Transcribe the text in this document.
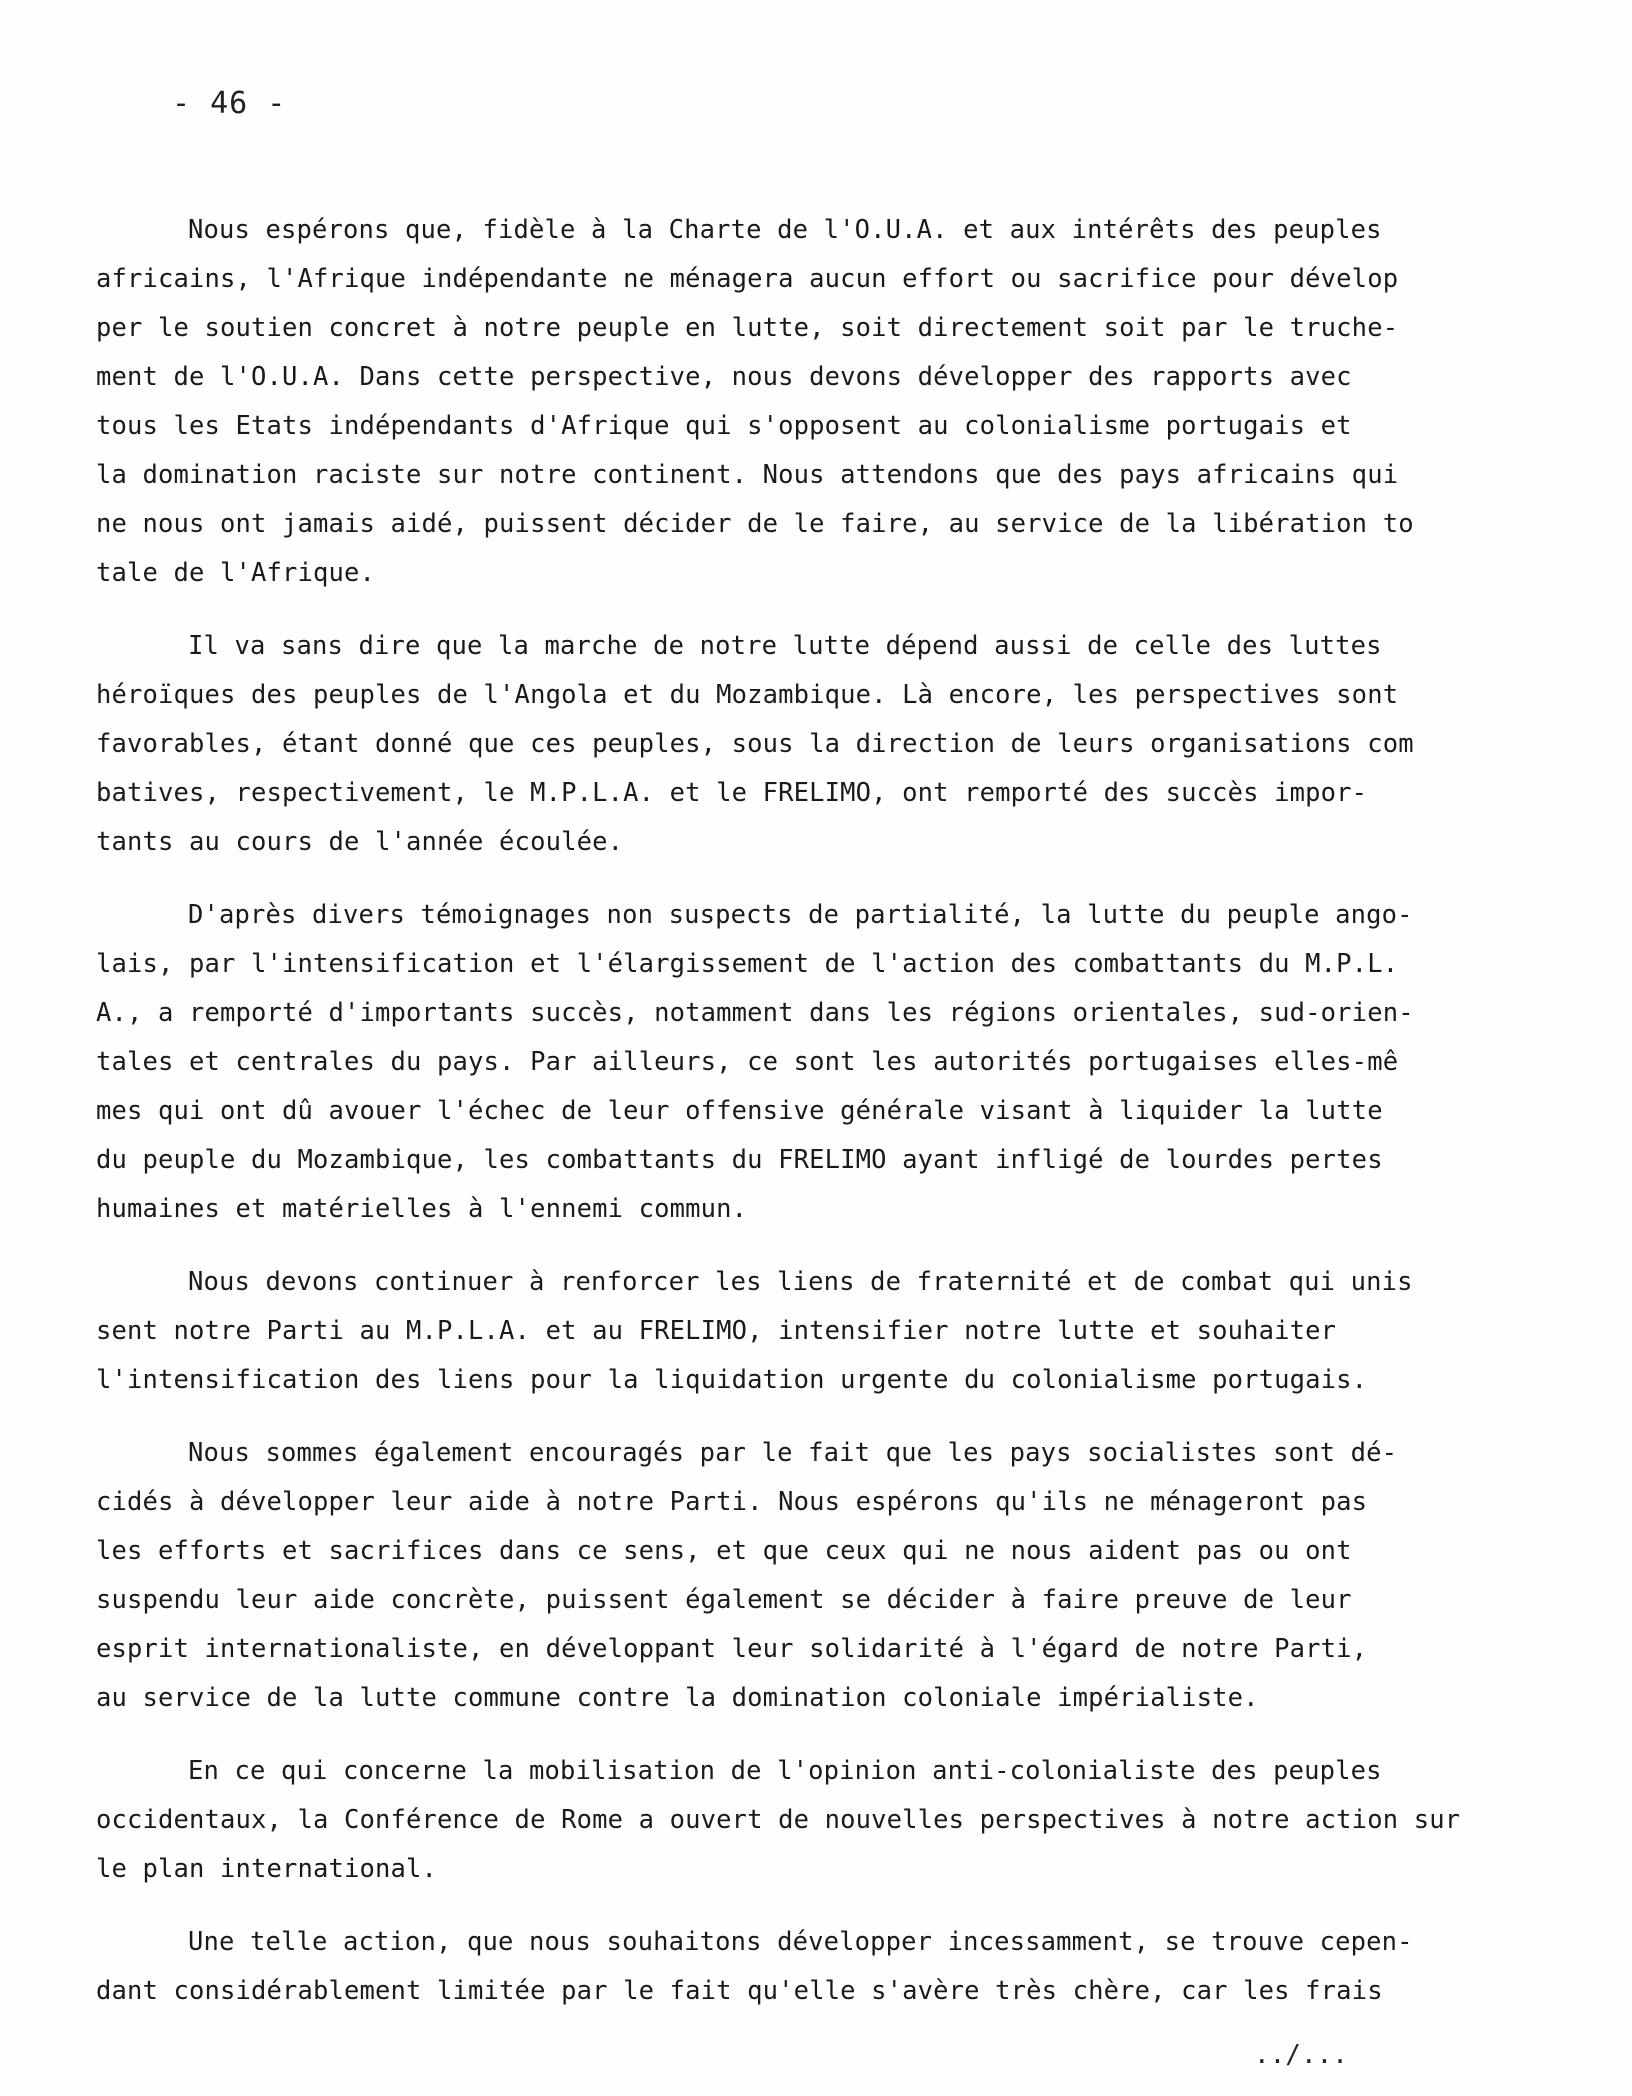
- 46 -

Nous espérons que, fidèle à la Charte de l'O.U.A. et aux intérêts des peuples
africains, l'Afrique indépendante ne ménagera aucun effort ou sacrifice pour dévelop
per le soutien concret à notre peuple en lutte, soit directement soit par le truche-
ment de l'O.U.A. Dans cette perspective, nous devons développer des rapports avec
tous les Etats indépendants d'Afrique qui s'opposent au colonialisme portugais et
la domination raciste sur notre continent. Nous attendons que des pays africains qui
ne nous ont jamais aidé, puissent décider de le faire, au service de la libération to
tale de l'Afrique.

Il va sans dire que la marche de notre lutte dépend aussi de celle des luttes
héroïques des peuples de l'Angola et du Mozambique. Là encore, les perspectives sont
favorables, étant donné que ces peuples, sous la direction de leurs organisations com
batives, respectivement, le M.P.L.A. et le FRELIMO, ont remporté des succès impor-
tants au cours de l'année écoulée.

D'après divers témoignages non suspects de partialité, la lutte du peuple ango-
lais, par l'intensification et l'élargissement de l'action des combattants du M.P.L.
A., a remporté d'importants succès, notamment dans les régions orientales, sud-orien-
tales et centrales du pays. Par ailleurs, ce sont les autorités portugaises elles-mê
mes qui ont dû avouer l'échec de leur offensive générale visant à liquider la lutte
du peuple du Mozambique, les combattants du FRELIMO ayant infligé de lourdes pertes
humaines et matérielles à l'ennemi commun.

Nous devons continuer à renforcer les liens de fraternité et de combat qui unis
sent notre Parti au M.P.L.A. et au FRELIMO, intensifier notre lutte et souhaiter
l'intensification des liens pour la liquidation urgente du colonialisme portugais.

Nous sommes également encouragés par le fait que les pays socialistes sont dé-
cidés à développer leur aide à notre Parti. Nous espérons qu'ils ne ménageront pas
les efforts et sacrifices dans ce sens, et que ceux qui ne nous aident pas ou ont
suspendu leur aide concrète, puissent également se décider à faire preuve de leur
esprit internationaliste, en développant leur solidarité à l'égard de notre Parti,
au service de la lutte commune contre la domination coloniale impérialiste.

En ce qui concerne la mobilisation de l'opinion anti-colonialiste des peuples
occidentaux, la Conférence de Rome a ouvert de nouvelles perspectives à notre action sur
le plan international.

Une telle action, que nous souhaitons développer incessamment, se trouve cepen-
dant considérablement limitée par le fait qu'elle s'avère très chère, car les frais

../...
